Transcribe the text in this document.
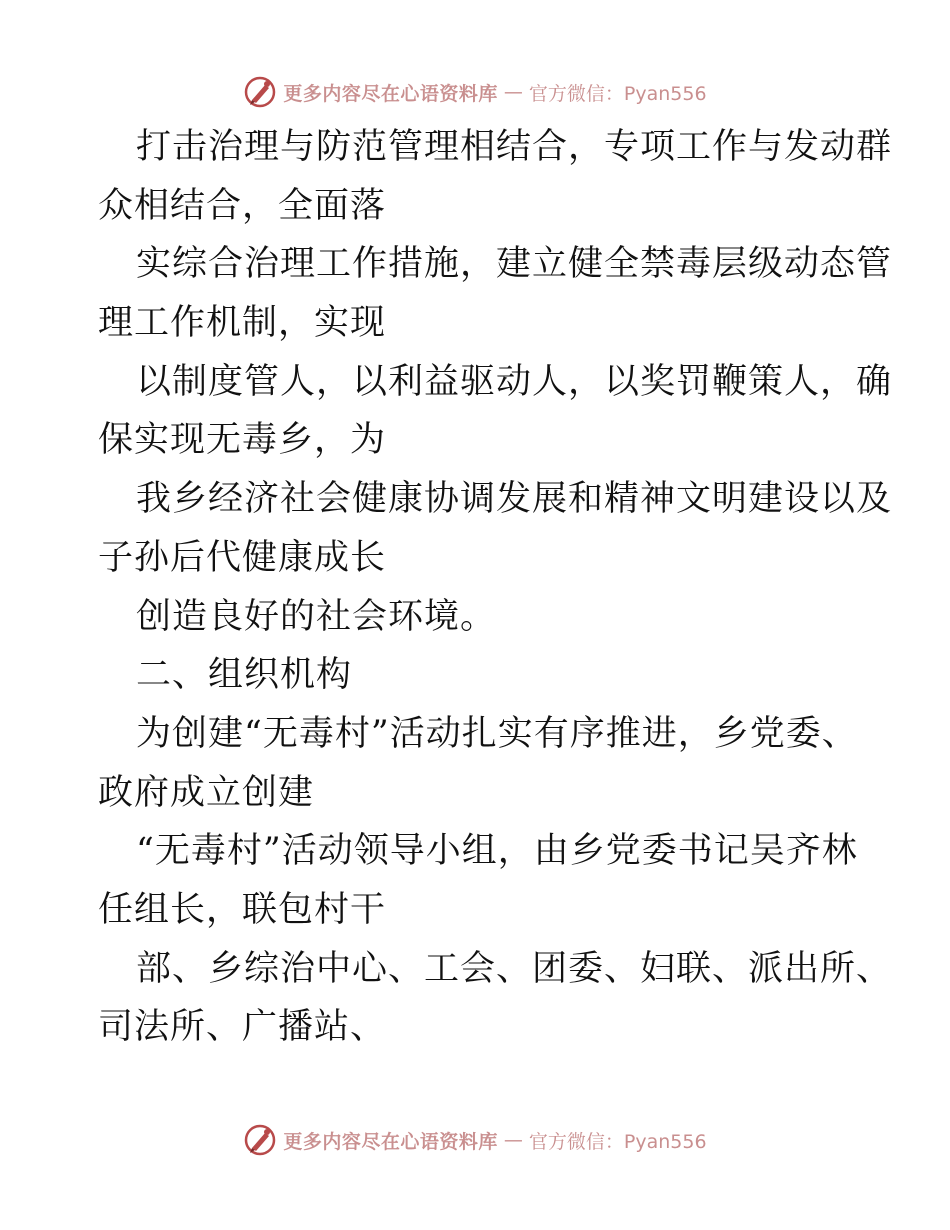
更多内容尽在心语资料库 — 官方微信：Pyan556
打击治理与防范管理相结合，专项工作与发动群
众相结合，全面落
实综合治理工作措施，建立健全禁毒层级动态管
理工作机制，实现
以制度管人，以利益驱动人，以奖罚鞭策人，确
保实现无毒乡，为
我乡经济社会健康协调发展和精神文明建设以及
子孙后代健康成长
创造良好的社会环境。
二、组织机构
为创建“无毒村”活动扎实有序推进，乡党委、
政府成立创建
“无毒村”活动领导小组，由乡党委书记吴齐林
任组长，联包村干
部、乡综治中心、工会、团委、妇联、派出所、
司法所、广播站、
更多内容尽在心语资料库 — 官方微信：Pyan556
